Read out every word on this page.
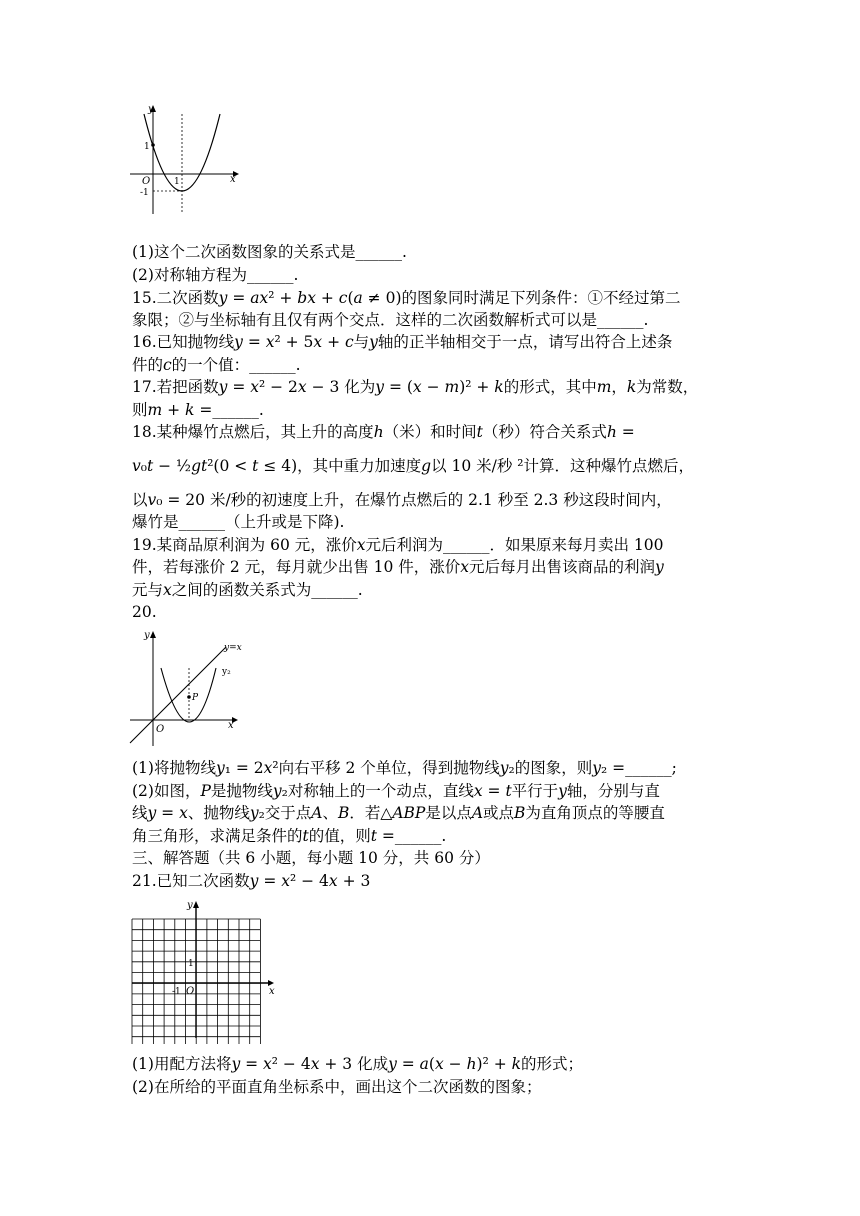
y
x
O
1
-1
1
(1)这个二次函数图象的关系式是______.
(2)对称轴方程为______.
15.二次函数𝑦 = 𝑎𝑥² + 𝑏𝑥 + 𝑐(𝑎 ≠ 0)的图象同时满足下列条件：①不经过第二
象限；②与坐标轴有且仅有两个交点．这样的二次函数解析式可以是______.
16.已知抛物线𝑦 = 𝑥² + 5𝑥 + 𝑐与𝑦轴的正半轴相交于一点，请写出符合上述条
件的𝑐的一个值：______.
17.若把函数𝑦 = 𝑥² − 2𝑥 − 3 化为𝑦 = (𝑥 − 𝑚)² + 𝑘的形式，其中𝑚，𝑘为常数，
则𝑚 + 𝑘 =______.
18.某种爆竹点燃后，其上升的高度ℎ（米）和时间𝑡（秒）符合关系式ℎ =
𝑣₀𝑡 − ½𝑔𝑡²(0 < 𝑡 ≤ 4)，其中重力加速度𝑔以 10 米/秒 ²计算．这种爆竹点燃后，
以𝑣₀ = 20 米/秒的初速度上升，在爆竹点燃后的 2.1 秒至 2.3 秒这段时间内，
爆竹是______（上升或是下降).
19.某商品原利润为 60 元，涨价𝑥元后利润为______．如果原来每月卖出 100
件，若每涨价 2 元，每月就少出售 10 件，涨价𝑥元后每月出售该商品的利润𝑦
元与𝑥之间的函数关系式为______.
20.
y
x
O
y=x
y₂
P
(1)将抛物线𝑦₁ = 2𝑥²向右平移 2 个单位，得到抛物线𝑦₂的图象，则𝑦₂ =______;
(2)如图，𝑃是抛物线𝑦₂对称轴上的一个动点，直线𝑥 = 𝑡平行于𝑦轴，分别与直
线𝑦 = 𝑥、抛物线𝑦₂交于点𝐴、𝐵．若△𝐴𝐵𝑃是以点𝐴或点𝐵为直角顶点的等腰直
角三角形，求满足条件的𝑡的值，则𝑡 =______.
三、解答题（共 6 小题，每小题 10 分，共 60 分）
21.已知二次函数𝑦 = 𝑥² − 4𝑥 + 3
y
x
O
1
-1
(1)用配方法将𝑦 = 𝑥² − 4𝑥 + 3 化成𝑦 = 𝑎(𝑥 − ℎ)² + 𝑘的形式；
(2)在所给的平面直角坐标系中，画出这个二次函数的图象；
